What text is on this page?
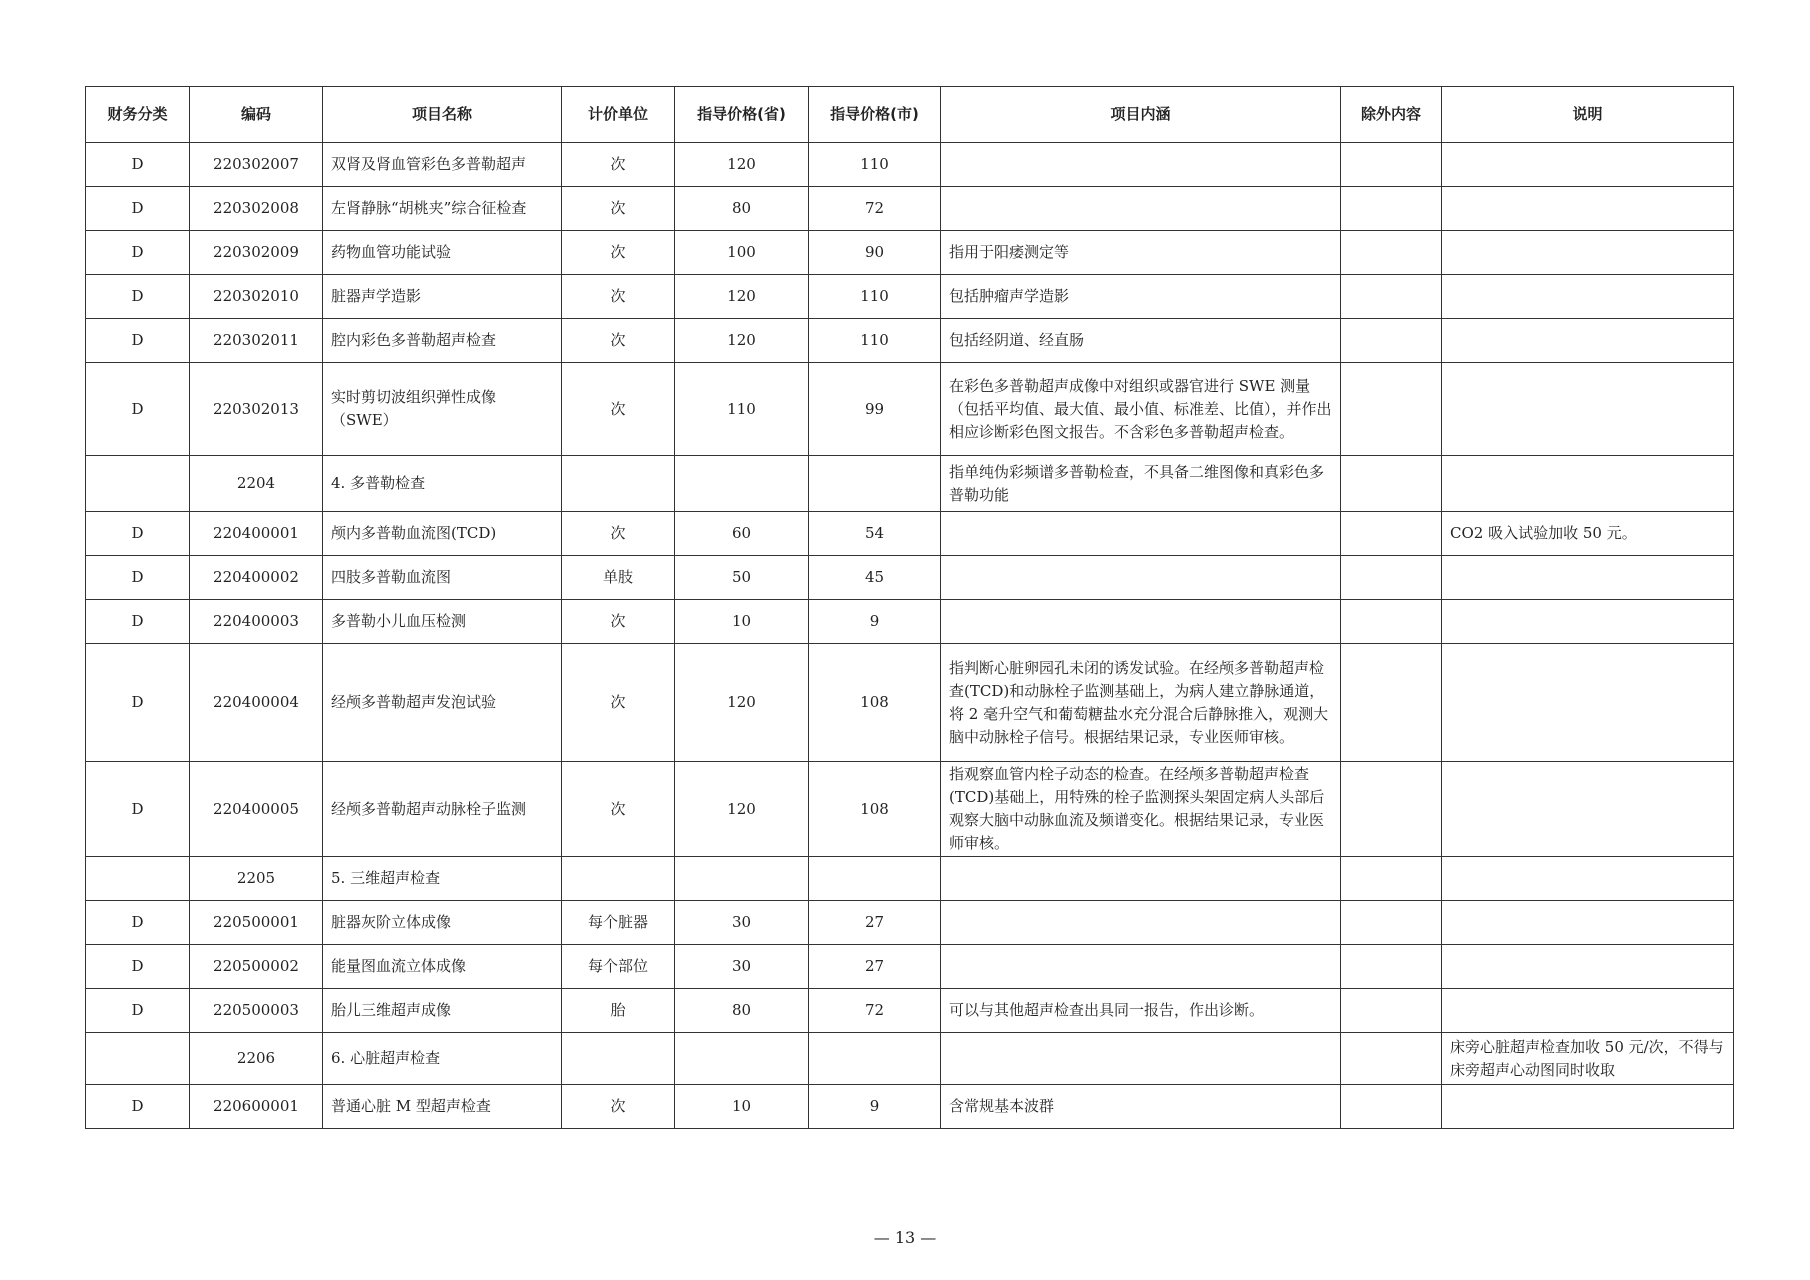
财务分类	编码	项目名称	计价单位	指导价格(省)	指导价格(市)	项目内涵	除外内容	说明
D	220302007	双肾及肾血管彩色多普勒超声	次	120	110			
D	220302008	左肾静脉“胡桃夹”综合征检查	次	80	72			
D	220302009	药物血管功能试验	次	100	90	指用于阳痿测定等		
D	220302010	脏器声学造影	次	120	110	包括肿瘤声学造影		
D	220302011	腔内彩色多普勒超声检查	次	120	110	包括经阴道、经直肠		
D	220302013	实时剪切波组织弹性成像（SWE）	次	110	99	在彩色多普勒超声成像中对组织或器官进行 SWE 测量（包括平均值、最大值、最小值、标准差、比值），并作出相应诊断彩色图文报告。不含彩色多普勒超声检查。		
	2204	4. 多普勒检查				指单纯伪彩频谱多普勒检查，不具备二维图像和真彩色多普勒功能		
D	220400001	颅内多普勒血流图(TCD)	次	60	54			CO2 吸入试验加收 50 元。
D	220400002	四肢多普勒血流图	单肢	50	45			
D	220400003	多普勒小儿血压检测	次	10	9			
D	220400004	经颅多普勒超声发泡试验	次	120	108	指判断心脏卵园孔未闭的诱发试验。在经颅多普勒超声检查(TCD)和动脉栓子监测基础上，为病人建立静脉通道，将 2 毫升空气和葡萄糖盐水充分混合后静脉推入，观测大脑中动脉栓子信号。根据结果记录，专业医师审核。		
D	220400005	经颅多普勒超声动脉栓子监测	次	120	108	指观察血管内栓子动态的检查。在经颅多普勒超声检查(TCD)基础上，用特殊的栓子监测探头架固定病人头部后观察大脑中动脉血流及频谱变化。根据结果记录，专业医师审核。		
	2205	5. 三维超声检查						
D	220500001	脏器灰阶立体成像	每个脏器	30	27			
D	220500002	能量图血流立体成像	每个部位	30	27			
D	220500003	胎儿三维超声成像	胎	80	72	可以与其他超声检查出具同一报告，作出诊断。		
	2206	6. 心脏超声检查						床旁心脏超声检查加收 50 元/次，不得与床旁超声心动图同时收取
D	220600001	普通心脏 M 型超声检查	次	10	9	含常规基本波群		
— 13 —
